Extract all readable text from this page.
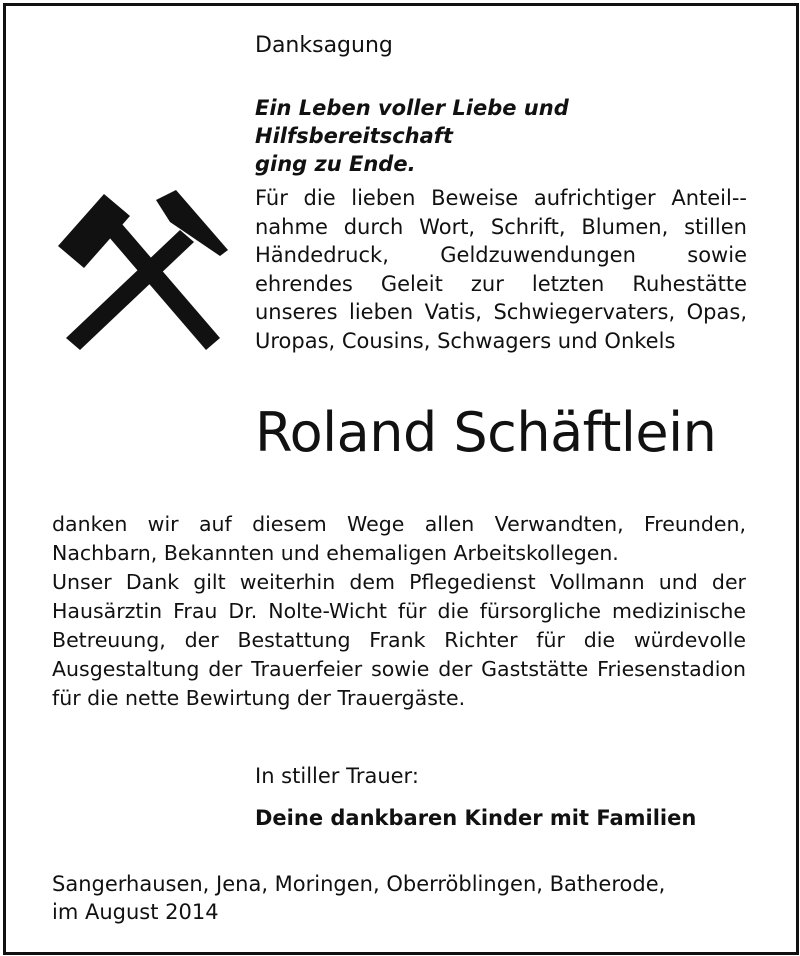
Danksagung
Ein Leben voller Liebe und Hilfsbereitschaft
ging zu Ende.
Für die lieben Beweise aufrichtiger Anteil-nahme durch Wort, Schrift, Blumen, stillen Händedruck, Geldzuwendungen sowie ehrendes Geleit zur letzten Ruhestätte unseres lieben Vatis, Schwiegervaters, Opas, Uropas, Cousins, Schwagers und Onkels
Roland Schäftlein

danken wir auf diesem Wege allen Verwandten, Freunden, Nachbarn, Bekannten und ehemaligen Arbeitskollegen.

Unser Dank gilt weiterhin dem Pflegedienst Vollmann und der Hausärztin Frau Dr. Nolte-Wicht für die fürsorgliche medizinische Betreuung, der Bestattung Frank Richter für die würdevolle Ausgestaltung der Trauerfeier sowie der Gaststätte Friesenstadion für die nette Bewirtung der Trauergäste.

In stiller Trauer:
Deine dankbaren Kinder mit Familien
Sangerhausen, Jena, Moringen, Oberröblingen, Batherode,
im August 2014
